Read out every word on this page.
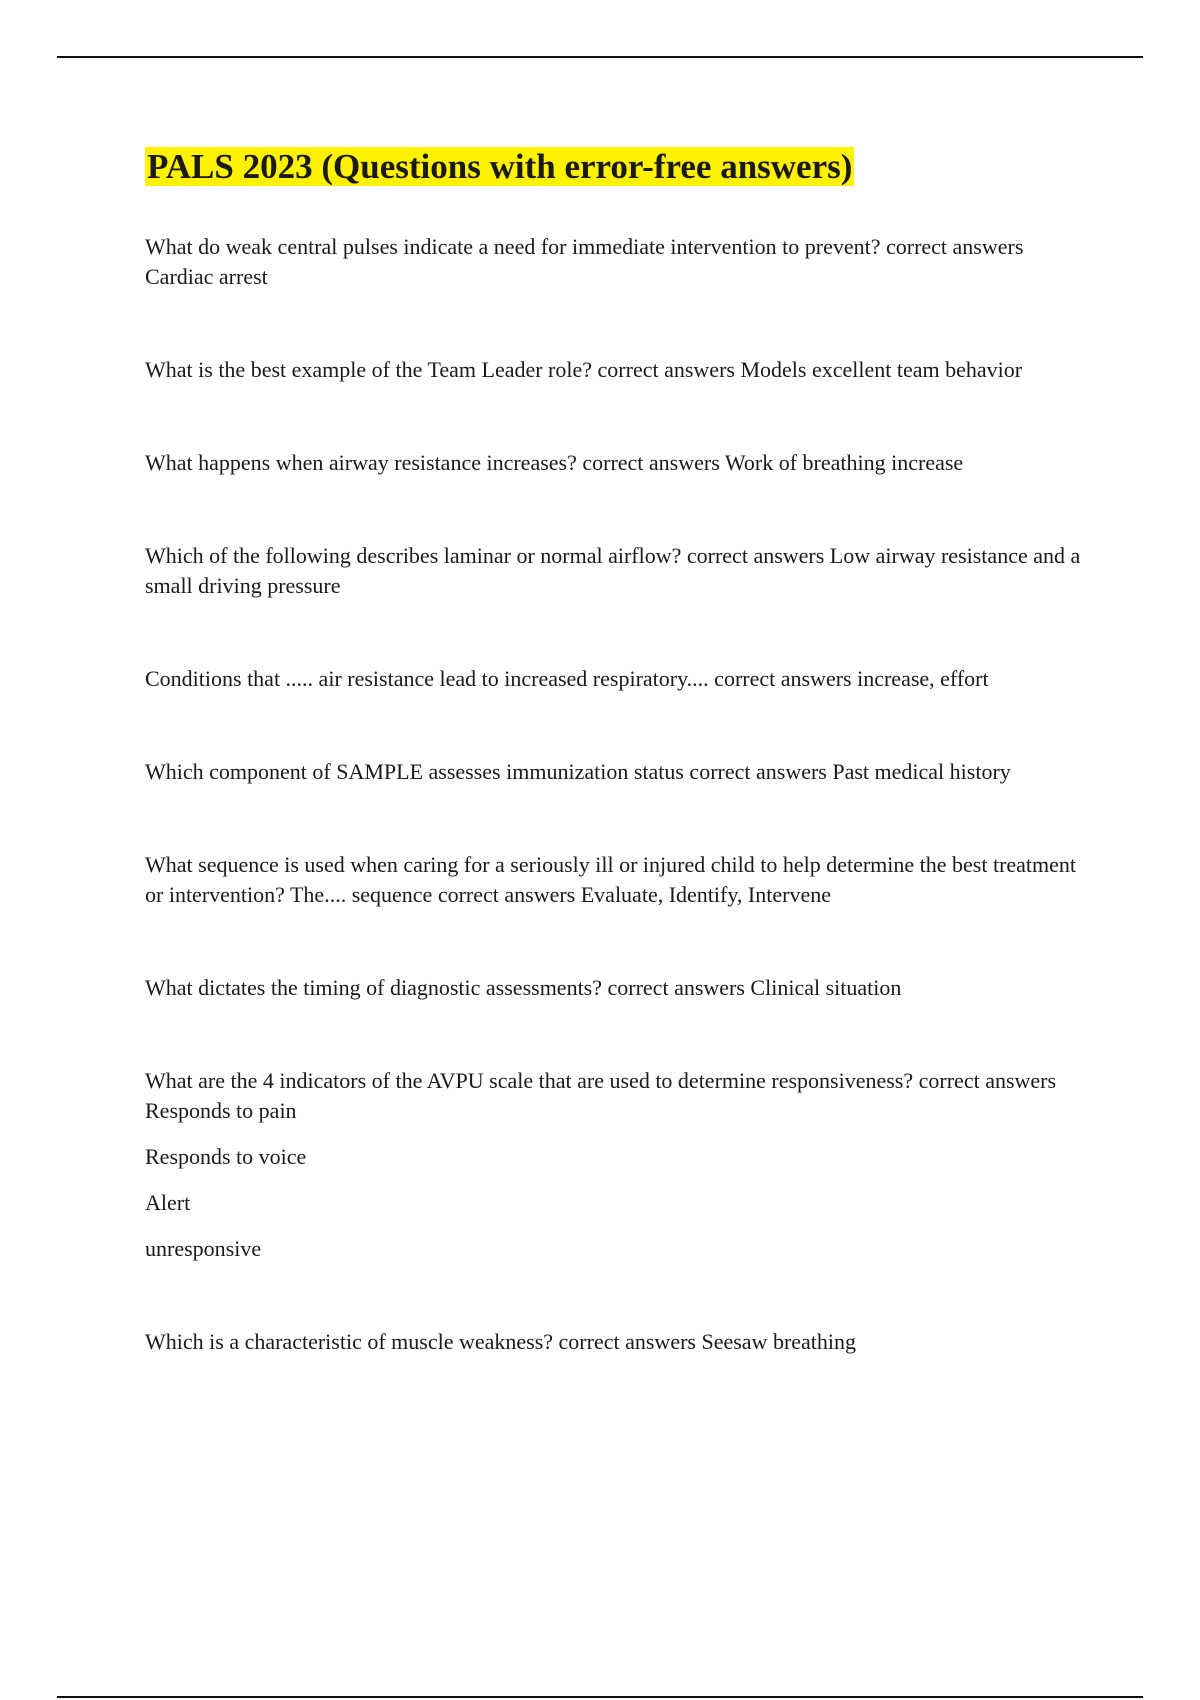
PALS 2023 (Questions with error-free answers)

What do weak central pulses indicate a need for immediate intervention to prevent? correct answers Cardiac arrest

What is the best example of the Team Leader role? correct answers Models excellent team behavior

What happens when airway resistance increases? correct answers Work of breathing increase

Which of the following describes laminar or normal airflow? correct answers Low airway resistance and a small driving pressure

Conditions that ..... air resistance lead to increased respiratory.... correct answers increase, effort

Which component of SAMPLE assesses immunization status correct answers Past medical history

What sequence is used when caring for a seriously ill or injured child to help determine the best treatment or intervention? The.... sequence correct answers Evaluate, Identify, Intervene

What dictates the timing of diagnostic assessments? correct answers Clinical situation

What are the 4 indicators of the AVPU scale that are used to determine responsiveness? correct answers Responds to pain

Responds to voice

Alert

unresponsive

Which is a characteristic of muscle weakness? correct answers Seesaw breathing
